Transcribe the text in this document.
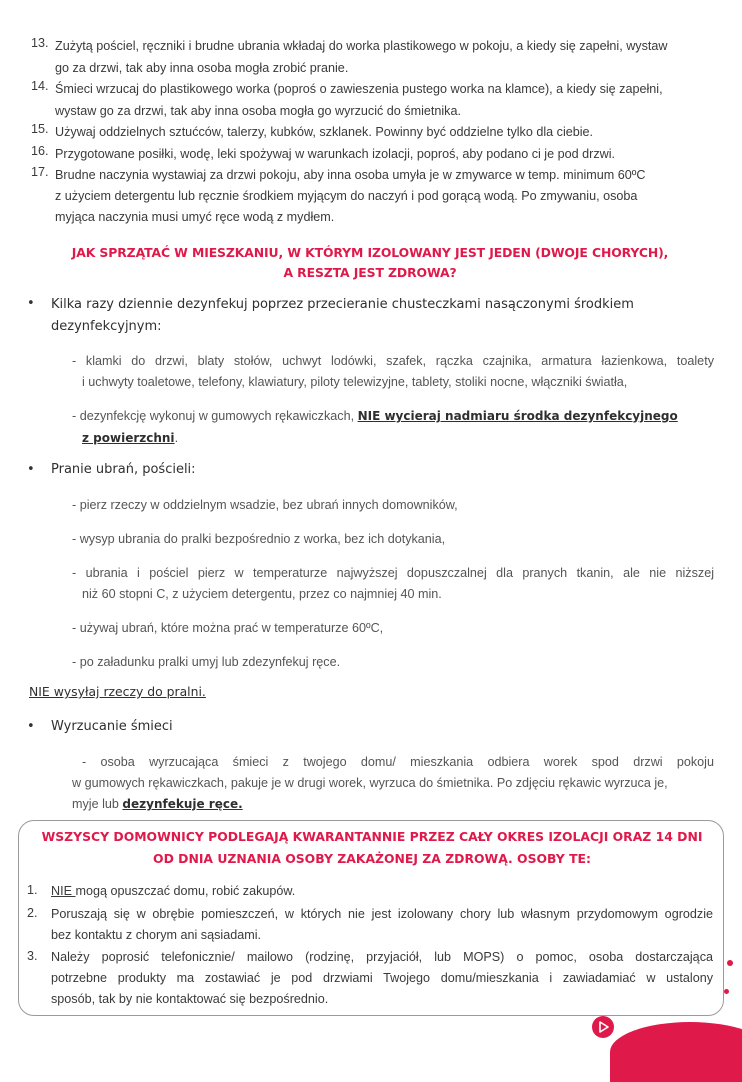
13. Zużytą pościel, ręczniki i brudne ubrania wkładaj do worka plastikowego w pokoju, a kiedy się zapełni, wystaw
go za drzwi, tak aby inna osoba mogła zrobić pranie.
14. Śmieci wrzucaj do plastikowego worka (poproś o zawieszenia pustego worka na klamce), a kiedy się zapełni,
wystaw go za drzwi, tak aby inna osoba mogła go wyrzucić do śmietnika.
15. Używaj oddzielnych sztućców, talerzy, kubków, szklanek. Powinny być oddzielne tylko dla ciebie.
16. Przygotowane posiłki, wodę, leki spożywaj w warunkach izolacji, poproś, aby podano ci je pod drzwi.
17. Brudne naczynia wystawiaj za drzwi pokoju, aby inna osoba umyła je w zmywarce w temp. minimum 60ºC
z użyciem detergentu lub ręcznie środkiem myjącym do naczyń i pod gorącą wodą. Po zmywaniu, osoba
myjąca naczynia musi umyć ręce wodą z mydłem.
JAK SPRZĄTAĆ W MIESZKANIU, W KTÓRYM IZOLOWANY JEST JEDEN (DWOJE CHORYCH),
A RESZTA JEST ZDROWA?
• Kilka razy dziennie dezynfekuj poprzez przecieranie chusteczkami nasączonymi środkiem
dezynfekcyjnym:
- klamki do drzwi, blaty stołów, uchwyt lodówki, szafek, rączka czajnika, armatura łazienkowa, toalety
i uchwyty toaletowe, telefony, klawiatury, piloty telewizyjne, tablety, stoliki nocne, włączniki światła,
- dezynfekcję wykonuj w gumowych rękawiczkach, NIE wycieraj nadmiaru środka dezynfekcyjnego
z powierzchni.
• Pranie ubrań, pościeli:
- pierz rzeczy w oddzielnym wsadzie, bez ubrań innych domowników,
- wysyp ubrania do pralki bezpośrednio z worka, bez ich dotykania,
- ubrania i pościel pierz w temperaturze najwyższej dopuszczalnej dla pranych tkanin, ale nie niższej
niż 60 stopni C, z użyciem detergentu, przez co najmniej 40 min.
- używaj ubrań, które można prać w temperaturze 60ºC,
- po załadunku pralki umyj lub zdezynfekuj ręce.
NIE wysyłaj rzeczy do pralni.
• Wyrzucanie śmieci
- osoba wyrzucająca śmieci z twojego domu/ mieszkania odbiera worek spod drzwi pokoju
w gumowych rękawiczkach, pakuje je w drugi worek, wyrzuca do śmietnika. Po zdjęciu rękawic wyrzuca je,
myje lub dezynfekuje ręce.
WSZYSCY DOMOWNICY PODLEGAJĄ KWARANTANNIE PRZEZ CAŁY OKRES IZOLACJI ORAZ 14 DNI
OD DNIA UZNANIA OSOBY ZAKAŻONEJ ZA ZDROWĄ. OSOBY TE:
1.	NIE mogą opuszczać domu, robić zakupów.
2.	Poruszają się w obrębie pomieszczeń, w których nie jest izolowany chory lub własnym przydomowym ogrodzie
bez kontaktu z chorym ani sąsiadami.
3.	Należy poprosić telefonicznie/ mailowo (rodzinę, przyjaciół, lub MOPS) o pomoc, osoba dostarczająca
potrzebne produkty ma zostawiać je pod drzwiami Twojego domu/mieszkania i zawiadamiać w ustalony
sposób, tak by nie kontaktować się bezpośrednio.
